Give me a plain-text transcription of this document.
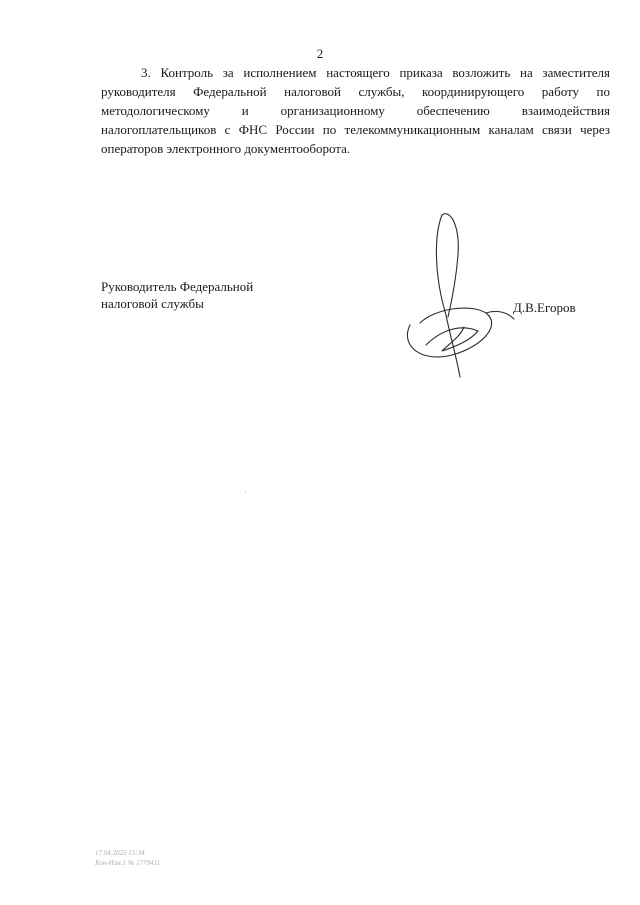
2

3. Контроль за исполнением настоящего приказа возложить на заместителя руководителя Федеральной налоговой службы, координирующего работу по методологическому и организационному обеспечению взаимодействия налогоплательщиков с ФНС России по телекоммуникационным каналам связи через операторов электронного документооборота.

Руководитель Федеральной
налоговой службы	Д.В.Егоров
17.04.2025 15:34
Кон-Изм.1 № 1779411
